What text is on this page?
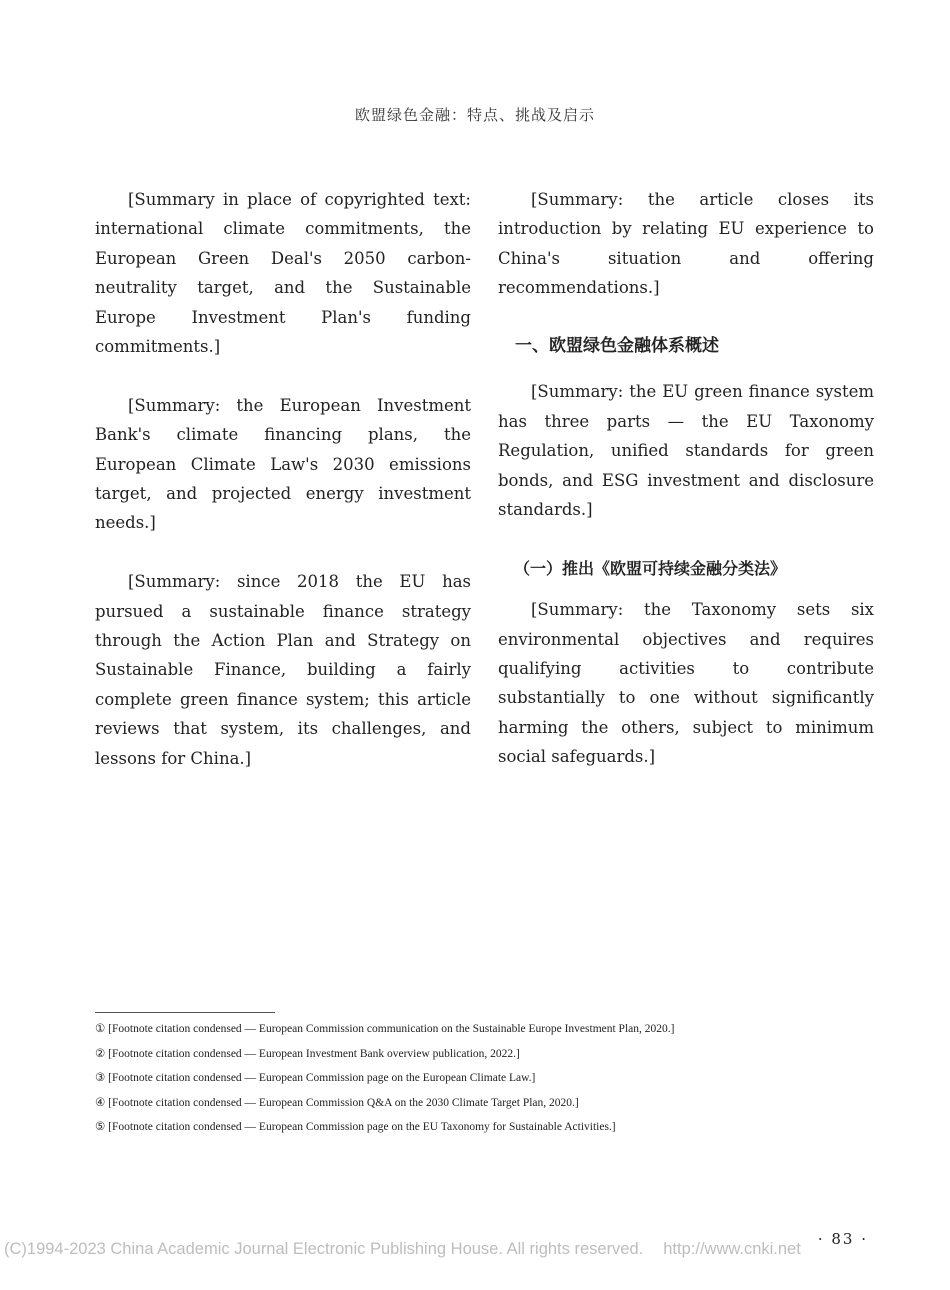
欧盟绿色金融：特点、挑战及启示

[Summary in place of copyrighted text: international climate commitments, the European Green Deal's 2050 carbon-neutrality target, and the Sustainable Europe Investment Plan's funding commitments.]

[Summary: the European Investment Bank's climate financing plans, the European Climate Law's 2030 emissions target, and projected energy investment needs.]

[Summary: since 2018 the EU has pursued a sustainable finance strategy through the Action Plan and Strategy on Sustainable Finance, building a fairly complete green finance system; this article reviews that system, its challenges, and lessons for China.]

[Summary: the article closes its introduction by relating EU experience to China's situation and offering recommendations.]

一、欧盟绿色金融体系概述

[Summary: the EU green finance system has three parts — the EU Taxonomy Regulation, unified standards for green bonds, and ESG investment and disclosure standards.]

（一）推出《欧盟可持续金融分类法》

[Summary: the Taxonomy sets six environmental objectives and requires qualifying activities to contribute substantially to one without significantly harming the others, subject to minimum social safeguards.]

① [Footnote citation condensed — European Commission communication on the Sustainable Europe Investment Plan, 2020.]
② [Footnote citation condensed — European Investment Bank overview publication, 2022.]
③ [Footnote citation condensed — European Commission page on the European Climate Law.]
④ [Footnote citation condensed — European Commission Q&A on the 2030 Climate Target Plan, 2020.]
⑤ [Footnote citation condensed — European Commission page on the EU Taxonomy for Sustainable Activities.]
· 83 ·
(C)1994-2023 China Academic Journal Electronic Publishing House. All rights reserved. http://www.cnki.net
